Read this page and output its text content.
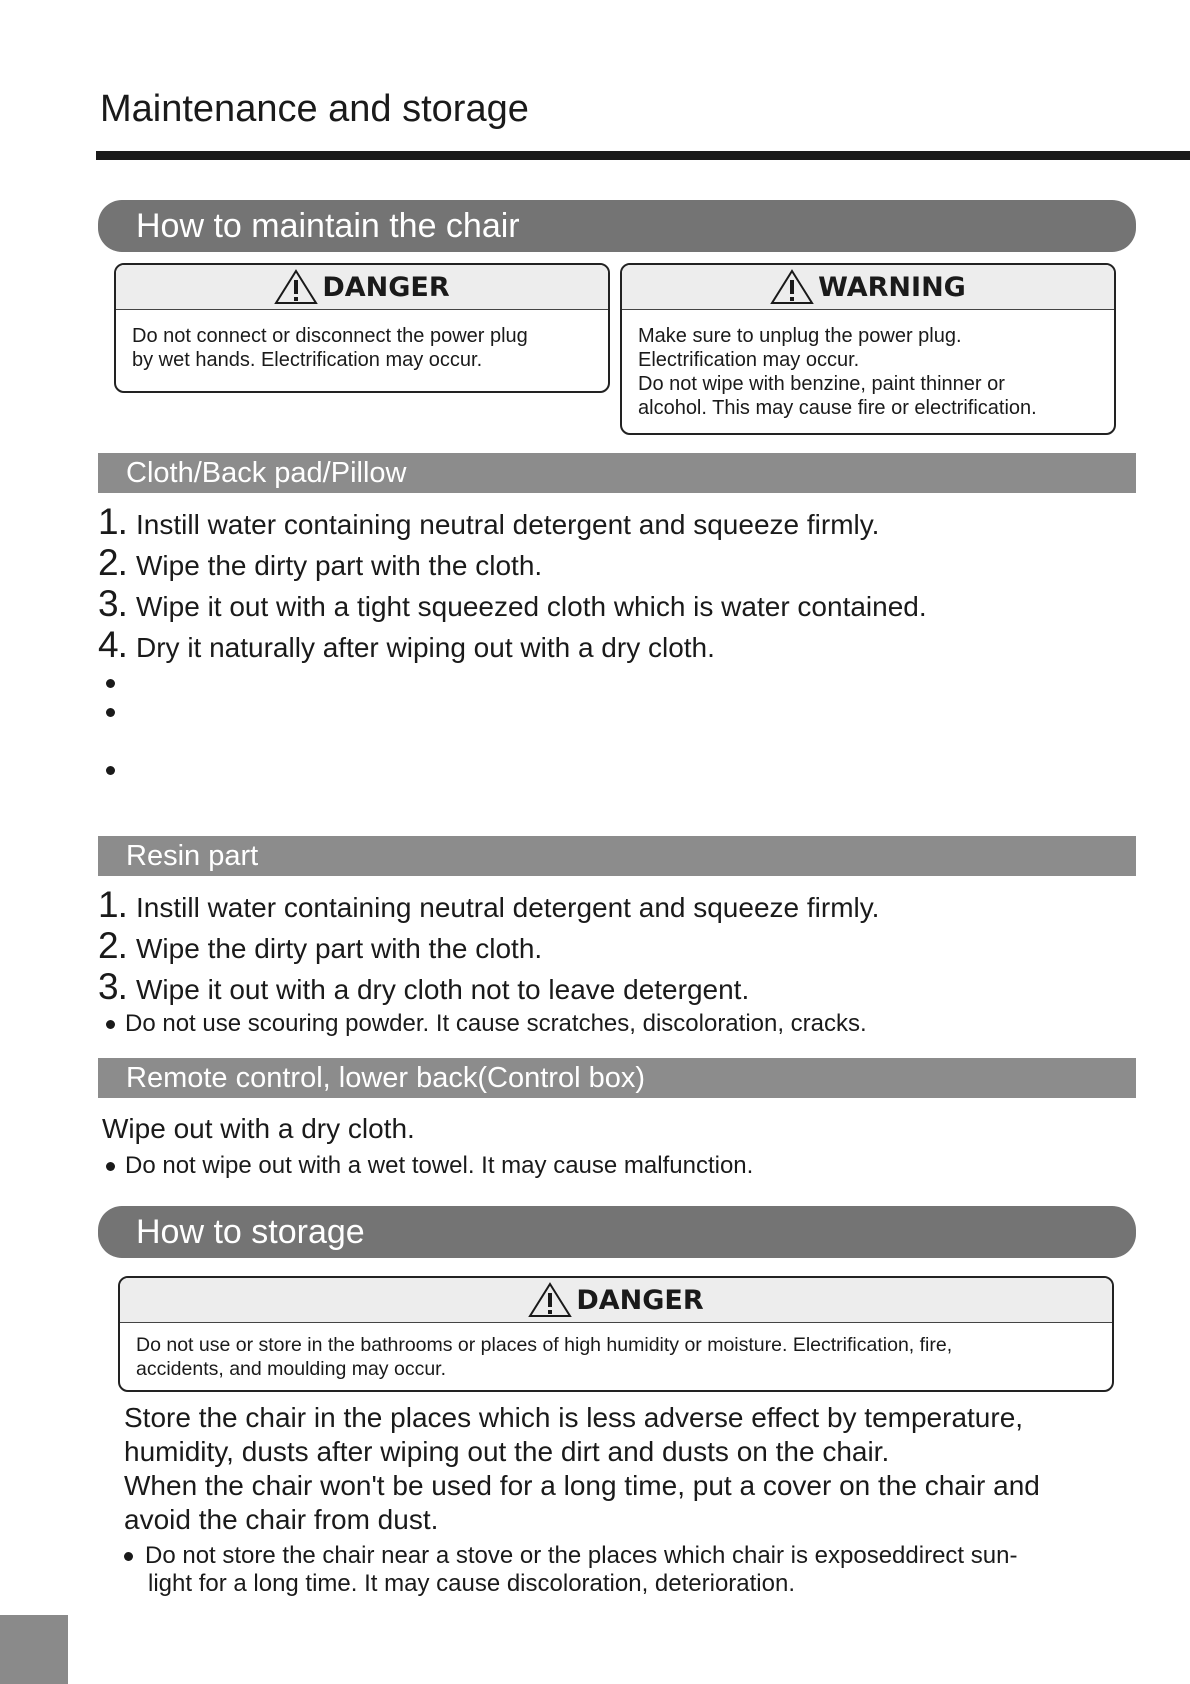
Maintenance and storage
How to maintain the chair
DANGER

Do not connect or disconnect the power plug

by wet hands. Electrification may occur.

WARNING

Make sure to unplug the power plug.

Electrification may occur.

Do not wipe with benzine, paint thinner or

alcohol. This may cause fire or electrification.

Cloth/Back pad/Pillow
1. Instill water containing neutral detergent and squeeze firmly.
2. Wipe the dirty part with the cloth.
3. Wipe it out with a tight squeezed cloth which is water contained.
4. Dry it naturally after wiping out with a dry cloth.
Resin part
1. Instill water containing neutral detergent and squeeze firmly.
2. Wipe the dirty part with the cloth.
3. Wipe it out with a dry cloth not to leave detergent.
Do not use scouring powder. It cause scratches, discoloration, cracks.
Remote control, lower back(Control box)
Wipe out with a dry cloth.
Do not wipe out with a wet towel. It may cause malfunction.
How to storage
DANGER

Do not use or store in the bathrooms or places of high humidity or moisture. Electrification, fire,

accidents, and moulding may occur.

Store the chair in the places which is less adverse effect by temperature,
humidity, dusts after wiping out the dirt and dusts on the chair.
When the chair won't be used for a long time, put a cover on the chair and
avoid the chair from dust.
Do not store the chair near a stove or the places which chair is exposeddirect sun-
light for a long time. It may cause discoloration, deterioration.
